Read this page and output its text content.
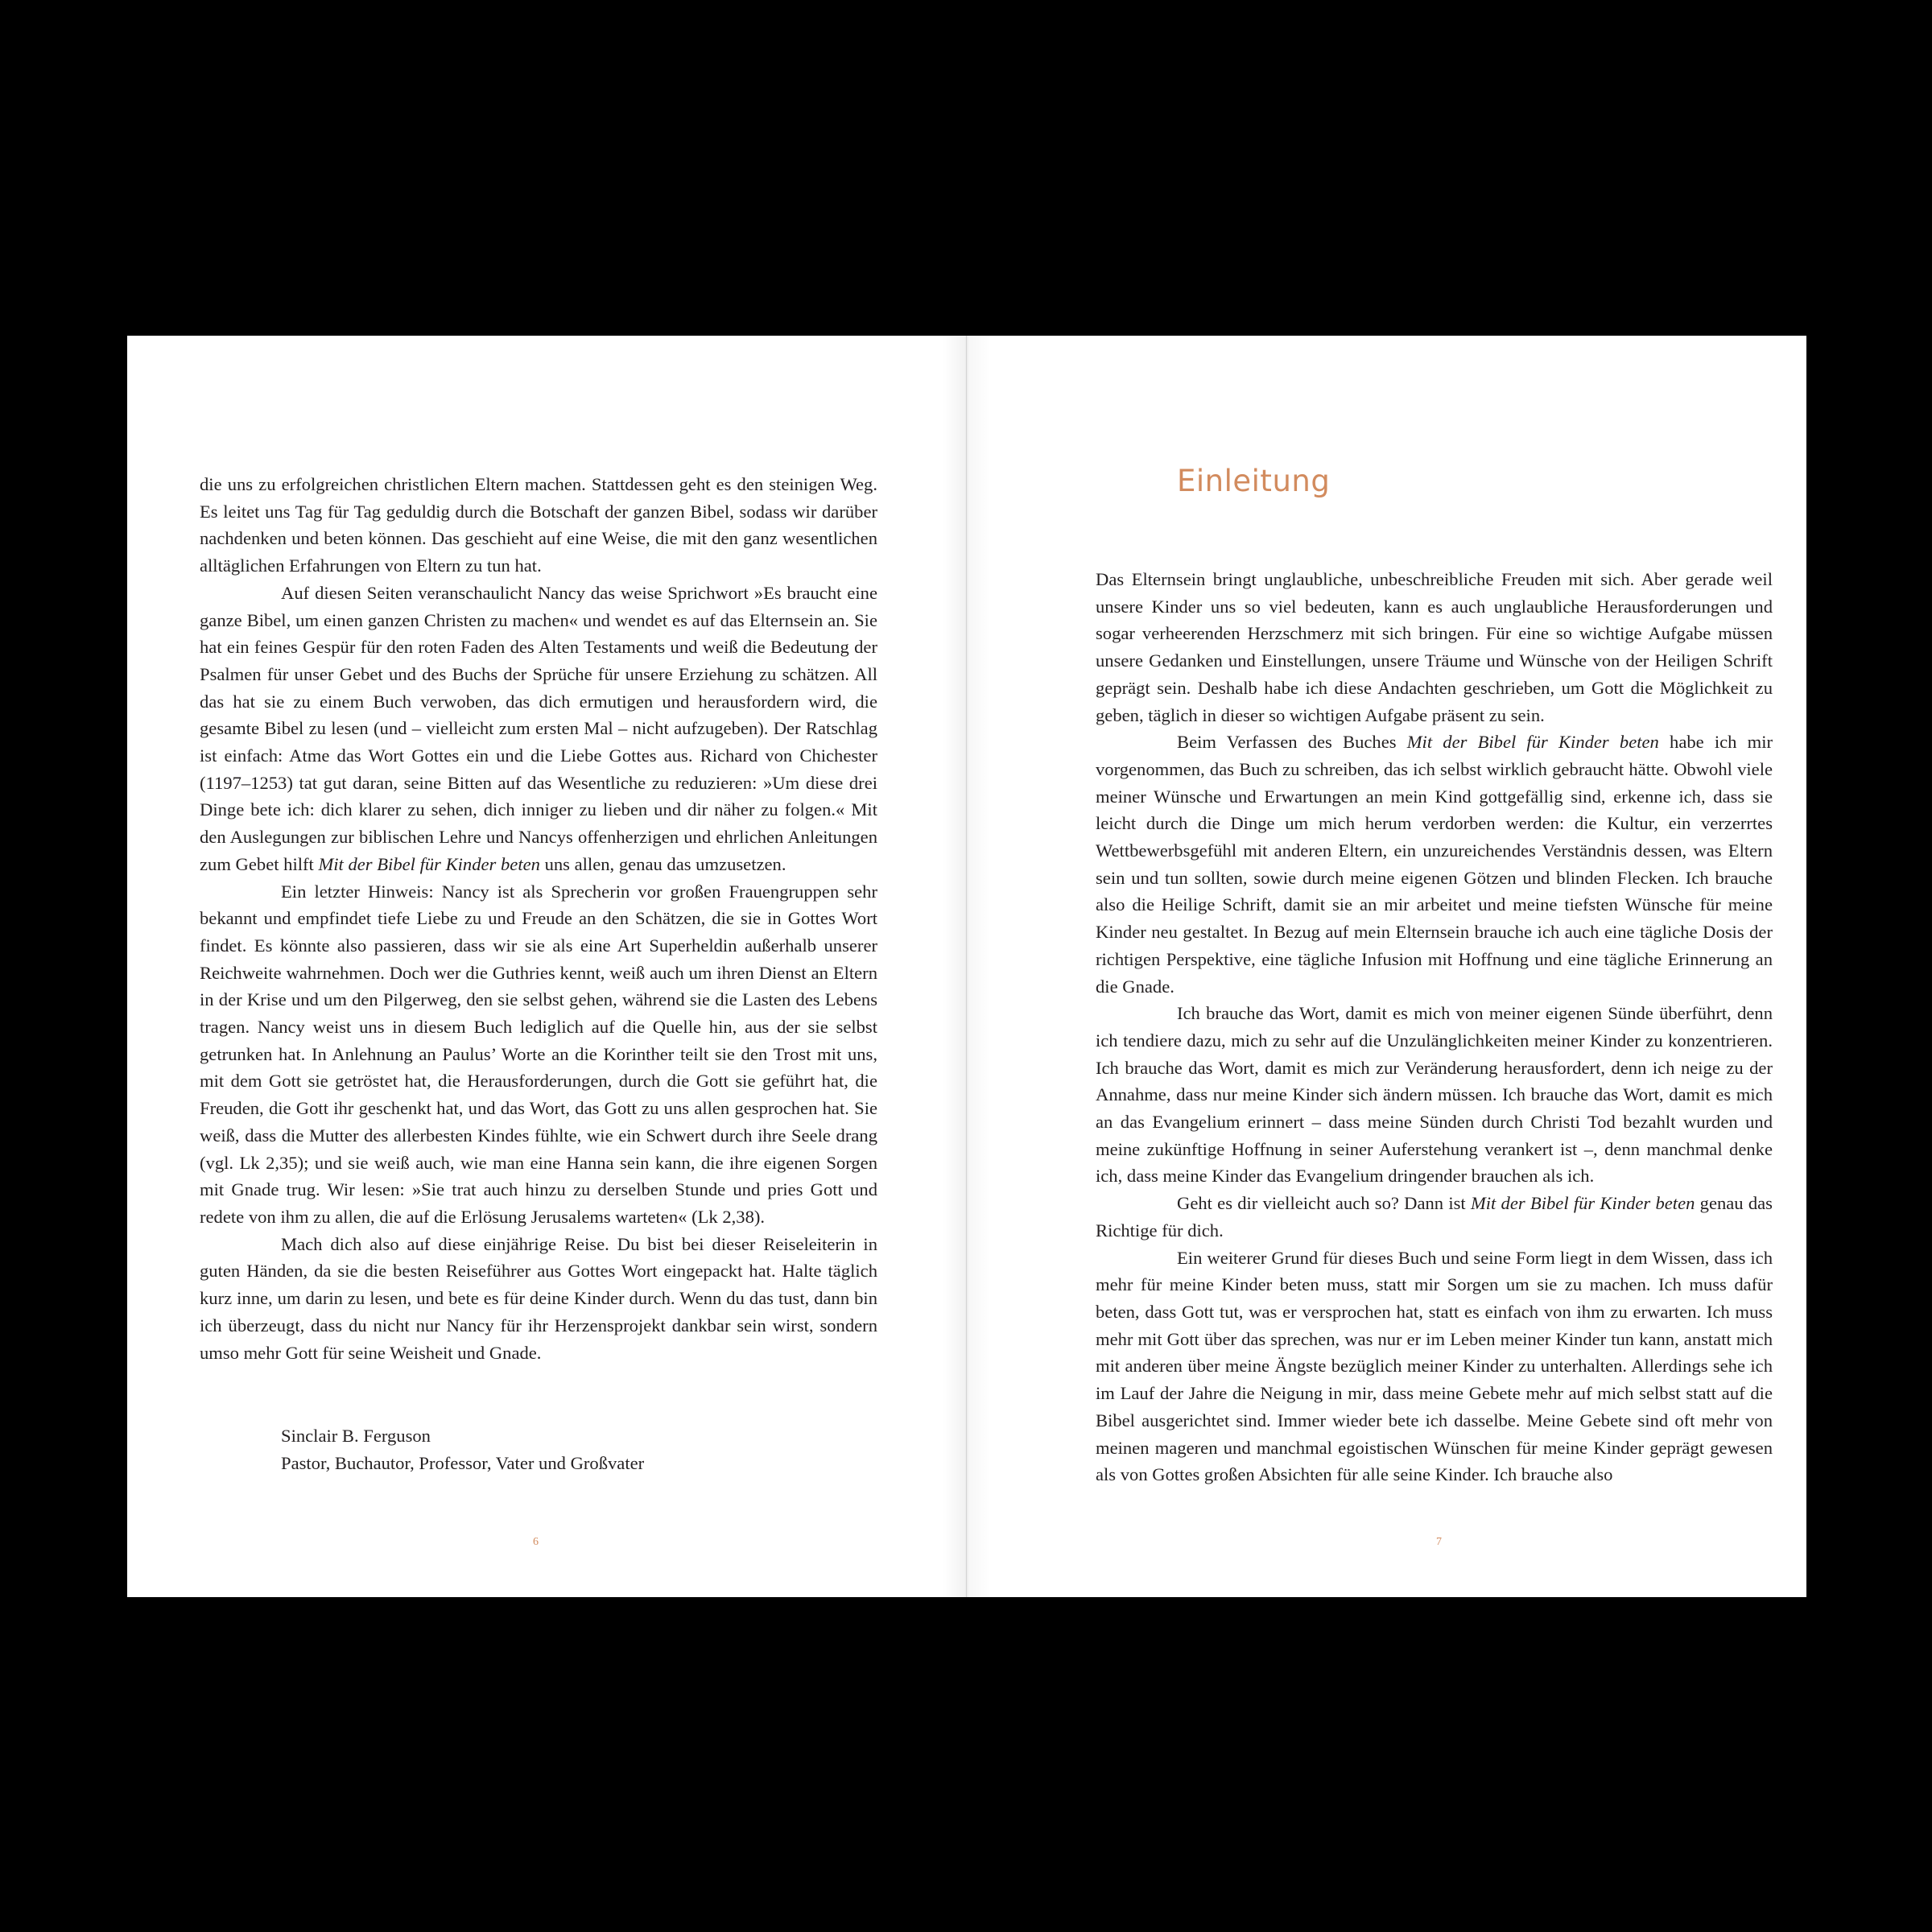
die uns zu erfolgreichen christlichen Eltern machen. Stattdessen geht es den steinigen Weg. Es leitet uns Tag für Tag geduldig durch die Botschaft der ganzen Bibel, sodass wir darüber nachdenken und beten können. Das geschieht auf eine Weise, die mit den ganz wesentlichen alltäglichen Erfahrungen von Eltern zu tun hat.

Auf diesen Seiten veranschaulicht Nancy das weise Sprichwort »Es braucht eine ganze Bibel, um einen ganzen Christen zu machen« und wendet es auf das Elternsein an. Sie hat ein feines Gespür für den roten Faden des Alten Testaments und weiß die Bedeutung der Psalmen für unser Gebet und des Buchs der Sprüche für unsere Erziehung zu schätzen. All das hat sie zu einem Buch verwoben, das dich ermutigen und herausfordern wird, die gesamte Bibel zu lesen (und – vielleicht zum ersten Mal – nicht aufzugeben). Der Ratschlag ist einfach: Atme das Wort Gottes ein und die Liebe Gottes aus. Richard von Chichester (1197–1253) tat gut daran, seine Bitten auf das Wesentliche zu reduzieren: »Um diese drei Dinge bete ich: dich klarer zu sehen, dich inniger zu lieben und dir näher zu folgen.« Mit den Auslegungen zur biblischen Lehre und Nancys offenherzigen und ehrlichen Anleitungen zum Gebet hilft Mit der Bibel für Kinder beten uns allen, genau das umzusetzen.

Ein letzter Hinweis: Nancy ist als Sprecherin vor großen Frauengruppen sehr bekannt und empfindet tiefe Liebe zu und Freude an den Schätzen, die sie in Gottes Wort findet. Es könnte also passieren, dass wir sie als eine Art Superheldin außerhalb unserer Reichweite wahrnehmen. Doch wer die Guthries kennt, weiß auch um ihren Dienst an Eltern in der Krise und um den Pilgerweg, den sie selbst gehen, während sie die Lasten des Lebens tragen. Nancy weist uns in diesem Buch lediglich auf die Quelle hin, aus der sie selbst getrunken hat. In Anlehnung an Paulus’ Worte an die Korinther teilt sie den Trost mit uns, mit dem Gott sie getröstet hat, die Herausforderungen, durch die Gott sie geführt hat, die Freuden, die Gott ihr geschenkt hat, und das Wort, das Gott zu uns allen gesprochen hat. Sie weiß, dass die Mutter des allerbesten Kindes fühlte, wie ein Schwert durch ihre Seele drang (vgl. Lk 2,35); und sie weiß auch, wie man eine Hanna sein kann, die ihre eigenen Sorgen mit Gnade trug. Wir lesen: »Sie trat auch hinzu zu derselben Stunde und pries Gott und redete von ihm zu allen, die auf die Erlösung Jerusalems warteten« (Lk 2,38).

Mach dich also auf diese einjährige Reise. Du bist bei dieser Reiseleiterin in guten Händen, da sie die besten Reiseführer aus Gottes Wort eingepackt hat. Halte täglich kurz inne, um darin zu lesen, und bete es für deine Kinder durch. Wenn du das tust, dann bin ich überzeugt, dass du nicht nur Nancy für ihr Herzensprojekt dankbar sein wirst, sondern umso mehr Gott für seine Weisheit und Gnade.

Sinclair B. Ferguson
Pastor, Buchautor, Professor, Vater und Großvater
6
Einleitung

Das Elternsein bringt unglaubliche, unbeschreibliche Freuden mit sich. Aber gerade weil unsere Kinder uns so viel bedeuten, kann es auch unglaubliche Herausforderungen und sogar verheerenden Herzschmerz mit sich bringen. Für eine so wichtige Aufgabe müssen unsere Gedanken und Einstellungen, unsere Träume und Wünsche von der Heiligen Schrift geprägt sein. Deshalb habe ich diese Andachten geschrieben, um Gott die Möglichkeit zu geben, täglich in dieser so wichtigen Aufgabe präsent zu sein.

Beim Verfassen des Buches Mit der Bibel für Kinder beten habe ich mir vorgenommen, das Buch zu schreiben, das ich selbst wirklich gebraucht hätte. Obwohl viele meiner Wünsche und Erwartungen an mein Kind gottgefällig sind, erkenne ich, dass sie leicht durch die Dinge um mich herum verdorben werden: die Kultur, ein verzerrtes Wettbewerbsgefühl mit anderen Eltern, ein unzureichendes Verständnis dessen, was Eltern sein und tun sollten, sowie durch meine eigenen Götzen und blinden Flecken. Ich brauche also die Heilige Schrift, damit sie an mir arbeitet und meine tiefsten Wünsche für meine Kinder neu gestaltet. In Bezug auf mein Elternsein brauche ich auch eine tägliche Dosis der richtigen Perspektive, eine tägliche Infusion mit Hoffnung und eine tägliche Erinnerung an die Gnade.

Ich brauche das Wort, damit es mich von meiner eigenen Sünde überführt, denn ich tendiere dazu, mich zu sehr auf die Unzulänglichkeiten meiner Kinder zu konzentrieren. Ich brauche das Wort, damit es mich zur Veränderung herausfordert, denn ich neige zu der Annahme, dass nur meine Kinder sich ändern müssen. Ich brauche das Wort, damit es mich an das Evangelium erinnert – dass meine Sünden durch Christi Tod bezahlt wurden und meine zukünftige Hoffnung in seiner Auferstehung verankert ist –, denn manchmal denke ich, dass meine Kinder das Evangelium dringender brauchen als ich.

Geht es dir vielleicht auch so? Dann ist Mit der Bibel für Kinder beten genau das Richtige für dich.

Ein weiterer Grund für dieses Buch und seine Form liegt in dem Wissen, dass ich mehr für meine Kinder beten muss, statt mir Sorgen um sie zu machen. Ich muss dafür beten, dass Gott tut, was er versprochen hat, statt es einfach von ihm zu erwarten. Ich muss mehr mit Gott über das sprechen, was nur er im Leben meiner Kinder tun kann, anstatt mich mit anderen über meine Ängste bezüglich meiner Kinder zu unterhalten. Allerdings sehe ich im Lauf der Jahre die Neigung in mir, dass meine Gebete mehr auf mich selbst statt auf die Bibel ausgerichtet sind. Immer wieder bete ich dasselbe. Meine Gebete sind oft mehr von meinen mageren und manchmal egoistischen Wünschen für meine Kinder geprägt gewesen als von Gottes großen Absichten für alle seine Kinder. Ich brauche also

7
